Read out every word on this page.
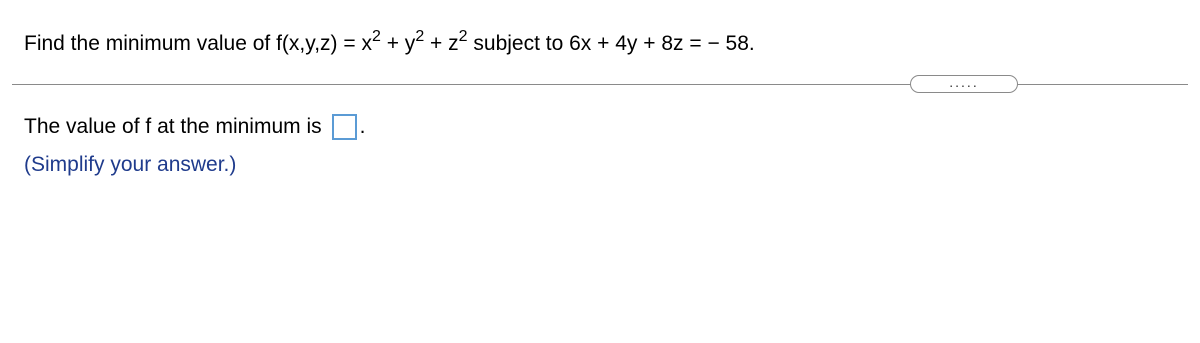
Find the minimum value of $f(x,y,z) = x^2 + y^2 + z^2$ subject to 6x + 4y + 8z = − 58.
.....
The value of f at the minimum is .
(Simplify your answer.)
